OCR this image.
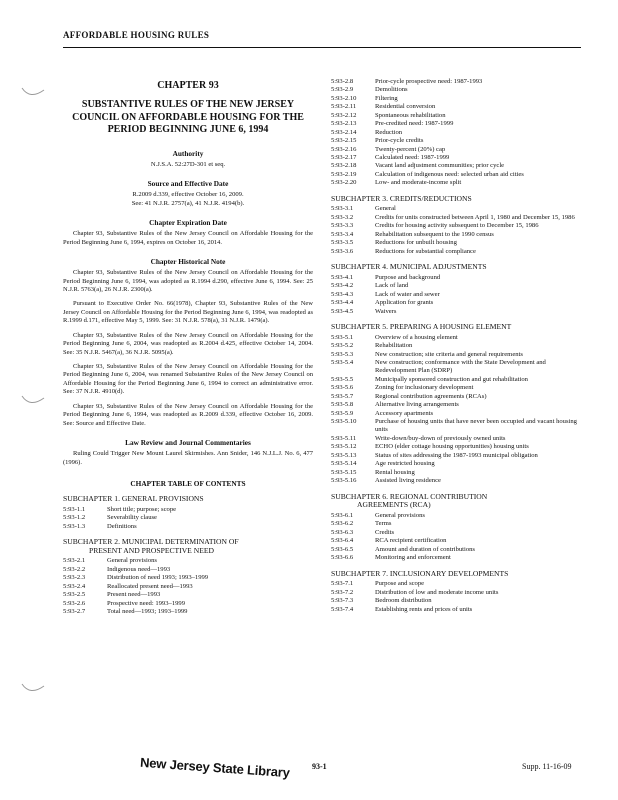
AFFORDABLE HOUSING RULES
CHAPTER 93
SUBSTANTIVE RULES OF THE NEW JERSEY COUNCIL ON AFFORDABLE HOUSING FOR THE PERIOD BEGINNING JUNE 6, 1994
Authority
N.J.S.A. 52:27D-301 et seq.
Source and Effective Date
R.2009 d.339, effective October 16, 2009.
See: 41 N.J.R. 2757(a), 41 N.J.R. 4194(b).
Chapter Expiration Date
Chapter 93, Substantive Rules of the New Jersey Council on Affordable Housing for the Period Beginning June 6, 1994, expires on October 16, 2014.
Chapter Historical Note
Chapter 93, Substantive Rules of the New Jersey Council on Affordable Housing for the Period Beginning June 6, 1994, was adopted as R.1994 d.290, effective June 6, 1994. See: 25 N.J.R. 5763(a), 26 N.J.R. 2300(a).
Pursuant to Executive Order No. 66(1978), Chapter 93, Substantive Rules of the New Jersey Council on Affordable Housing for the Period Beginning June 6, 1994, was readopted as R.1999 d.171, effective May 5, 1999. See: 31 N.J.R. 578(a), 31 N.J.R. 1479(a).
Chapter 93, Substantive Rules of the New Jersey Council on Affordable Housing for the Period Beginning June 6, 2004, was readopted as R.2004 d.425, effective October 14, 2004. See: 35 N.J.R. 5467(a), 36 N.J.R. 5095(a).
Chapter 93, Substantive Rules of the New Jersey Council on Affordable Housing for the Period Beginning June 6, 2004, was renamed Substantive Rules of the New Jersey Council on Affordable Housing for the Period Beginning June 6, 1994 to correct an administrative error. See: 37 N.J.R. 4910(d).
Chapter 93, Substantive Rules of the New Jersey Council on Affordable Housing for the Period Beginning June 6, 1994, was readopted as R.2009 d.339, effective October 16, 2009. See: Source and Effective Date.
Law Review and Journal Commentaries
Ruling Could Trigger New Mount Laurel Skirmishes. Ann Snider, 146 N.J.L.J. No. 6, 477 (1996).
CHAPTER TABLE OF CONTENTS
SUBCHAPTER 1. GENERAL PROVISIONS
5:93-1.1	Short title; purpose; scope
5:93-1.2	Severability clause
5:93-1.3	Definitions
SUBCHAPTER 2. MUNICIPAL DETERMINATION OF
PRESENT AND PROSPECTIVE NEED
5:93-2.1	General provisions
5:93-2.2	Indigenous need—1993
5:93-2.3	Distribution of need 1993; 1993–1999
5:93-2.4	Reallocated present need—1993
5:93-2.5	Present need—1993
5:93-2.6	Prospective need: 1993–1999
5:93-2.7	Total need—1993; 1993–1999
5:93-2.8	Prior-cycle prospective need: 1987-1993
5:93-2.9	Demolitions
5:93-2.10	Filtering
5:93-2.11	Residential conversion
5:93-2.12	Spontaneous rehabilitation
5:93-2.13	Pre-credited need: 1987-1999
5:93-2.14	Reduction
5:93-2.15	Prior-cycle credits
5:93-2.16	Twenty-percent (20%) cap
5:93-2.17	Calculated need: 1987-1999
5:93-2.18	Vacant land adjustment communities; prior cycle
5:93-2.19	Calculation of indigenous need: selected urban aid cities
5:93-2.20	Low- and moderate-income split
SUBCHAPTER 3. CREDITS/REDUCTIONS
5:93-3.1	General
5:93-3.2	Credits for units constructed between April 1, 1980 and December 15, 1986
5:93-3.3	Credits for housing activity subsequent to December 15, 1986
5:93-3.4	Rehabilitation subsequent to the 1990 census
5:93-3.5	Reductions for unbuilt housing
5:93-3.6	Reductions for substantial compliance
SUBCHAPTER 4. MUNICIPAL ADJUSTMENTS
5:93-4.1	Purpose and background
5:93-4.2	Lack of land
5:93-4.3	Lack of water and sewer
5:93-4.4	Application for grants
5:93-4.5	Waivers
SUBCHAPTER 5. PREPARING A HOUSING ELEMENT
5:93-5.1	Overview of a housing element
5:93-5.2	Rehabilitation
5:93-5.3	New construction; site criteria and general requirements
5:93-5.4	New construction; conformance with the State Development and Redevelopment Plan (SDRP)
5:93-5.5	Municipally sponsored construction and gut rehabilitation
5:93-5.6	Zoning for inclusionary development
5:93-5.7	Regional contribution agreements (RCAs)
5:93-5.8	Alternative living arrangements
5:93-5.9	Accessory apartments
5:93-5.10	Purchase of housing units that have never been occupied and vacant housing units
5:93-5.11	Write-down/buy-down of previously owned units
5:93-5.12	ECHO (elder cottage housing opportunities) housing units
5:93-5.13	Status of sites addressing the 1987-1993 municipal obligation
5:93-5.14	Age restricted housing
5:93-5.15	Rental housing
5:93-5.16	Assisted living residence
SUBCHAPTER 6. REGIONAL CONTRIBUTION
AGREEMENTS (RCA)
5:93-6.1	General provisions
5:93-6.2	Terms
5:93-6.3	Credits
5:93-6.4	RCA recipient certification
5:93-6.5	Amount and duration of contributions
5:93-6.6	Monitoring and enforcement
SUBCHAPTER 7. INCLUSIONARY DEVELOPMENTS
5:93-7.1	Purpose and scope
5:93-7.2	Distribution of low and moderate income units
5:93-7.3	Bedroom distribution
5:93-7.4	Establishing rents and prices of units
New Jersey State Library	93-1	Supp. 11-16-09
